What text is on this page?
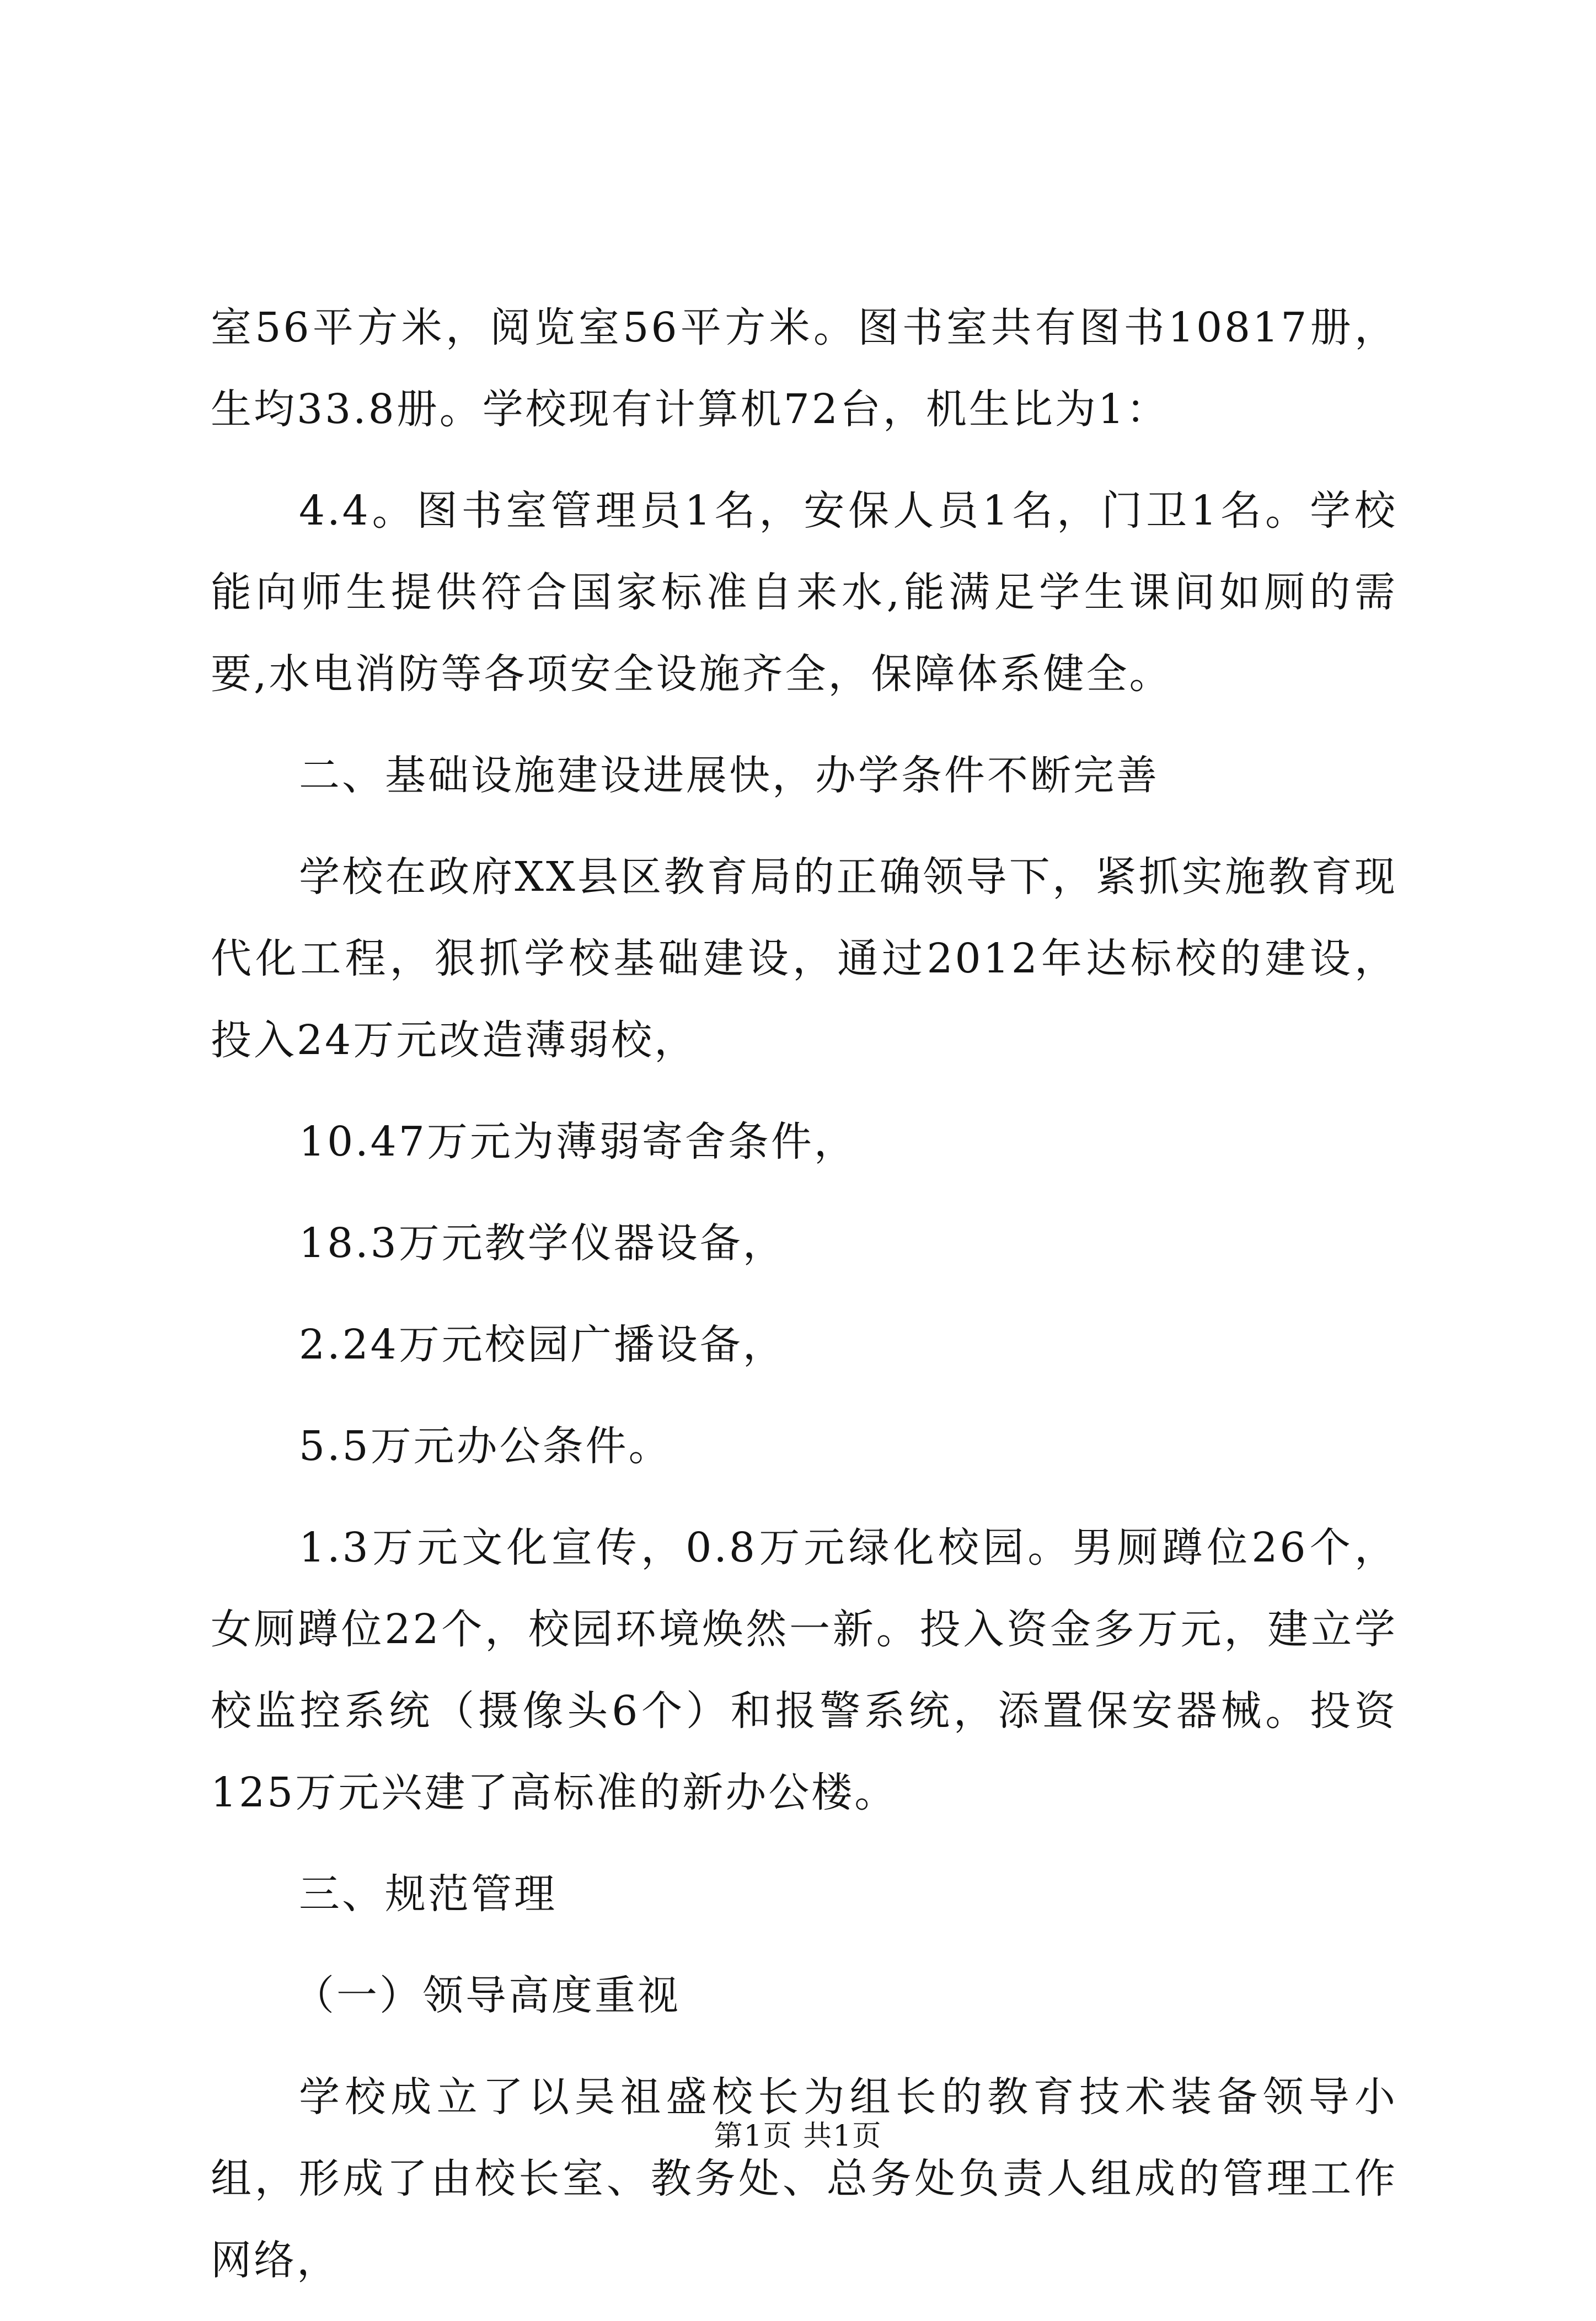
室56平方米，阅览室56平方米。图书室共有图书10817册，生均33.8册。学校现有计算机72台，机生比为1：

4.4。图书室管理员1名，安保人员1名，门卫1名。学校能向师生提供符合国家标准自来水,能满足学生课间如厕的需要,水电消防等各项安全设施齐全，保障体系健全。

二、基础设施建设进展快，办学条件不断完善

学校在政府XX县区教育局的正确领导下，紧抓实施教育现代化工程，狠抓学校基础建设，通过2012年达标校的建设，投入24万元改造薄弱校，

10.47万元为薄弱寄舍条件，

18.3万元教学仪器设备，

2.24万元校园广播设备，

5.5万元办公条件。

1.3万元文化宣传，0.8万元绿化校园。男厕蹲位26个，女厕蹲位22个，校园环境焕然一新。投入资金多万元，建立学校监控系统（摄像头6个）和报警系统，添置保安器械。投资125万元兴建了高标准的新办公楼。

三、规范管理

（一）领导高度重视

学校成立了以吴祖盛校长为组长的教育技术装备领导小组，形成了由校长室、教务处、总务处负责人组成的管理工作网络，

第1页 共1页
